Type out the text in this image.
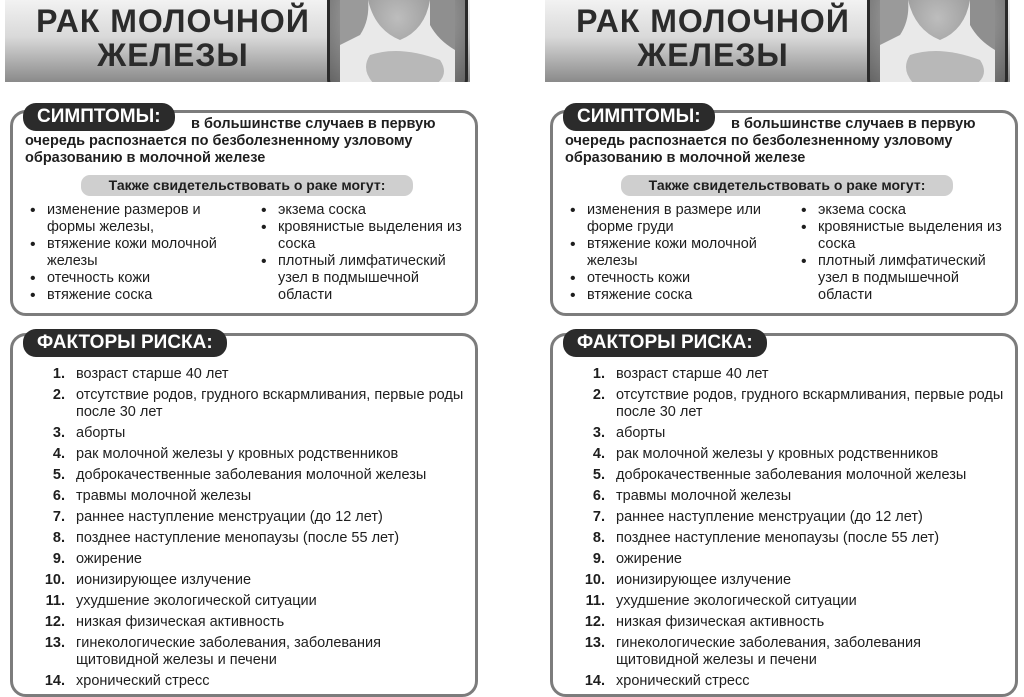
РАК МОЛОЧНОЙ ЖЕЛЕЗЫ
СИМПТОМЫ:	в большинстве случаев в первую очередь распознается по безболезненному узловому образованию в молочной железе
Также свидетельствовать о раке могут:
• изменение размеров и формы железы,
• втяжение кожи молочной железы
• отечность кожи
• втяжение соска
• экзема соска
• кровянистые выделения из соска
• плотный лимфатический узел в подмышечной области
ФАКТОРЫ РИСКА:
1. возраст старше 40 лет
2. отсутствие родов, грудного вскармливания, первые роды после 30 лет
3. аборты
4. рак молочной железы у кровных родственников
5. доброкачественные заболевания молочной железы
6. травмы молочной железы
7. раннее наступление менструации (до 12 лет)
8. позднее наступление менопаузы (после 55 лет)
9. ожирение
10. ионизирующее излучение
11. ухудшение экологической ситуации
12. низкая физическая активность
13. гинекологические заболевания, заболевания щитовидной железы и печени
14. хронический стресс
РАК МОЛОЧНОЙ ЖЕЛЕЗЫ
СИМПТОМЫ:	в большинстве случаев в первую очередь распознается по безболезненному узловому образованию в молочной железе
Также свидетельствовать о раке могут:
• изменения в размере или форме груди
• втяжение кожи молочной железы
• отечность кожи
• втяжение соска
• экзема соска
• кровянистые выделения из соска
• плотный лимфатический узел в подмышечной области
ФАКТОРЫ РИСКА:
1. возраст старше 40 лет
2. отсутствие родов, грудного вскармливания, первые роды после 30 лет
3. аборты
4. рак молочной железы у кровных родственников
5. доброкачественные заболевания молочной железы
6. травмы молочной железы
7. раннее наступление менструации (до 12 лет)
8. позднее наступление менопаузы (после 55 лет)
9. ожирение
10. ионизирующее излучение
11. ухудшение экологической ситуации
12. низкая физическая активность
13. гинекологические заболевания, заболевания щитовидной железы и печени
14. хронический стресс
